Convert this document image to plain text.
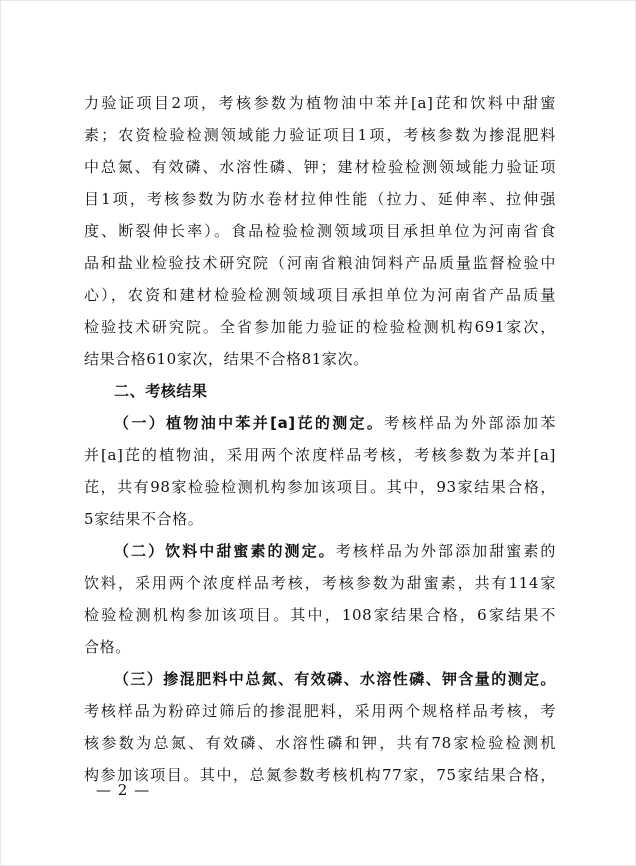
力验证项目2项，考核参数为植物油中苯并[a]芘和饮料中甜蜜
素；农资检验检测领域能力验证项目1项，考核参数为掺混肥料
中总氮、有效磷、水溶性磷、钾；建材检验检测领域能力验证项
目1项，考核参数为防水卷材拉伸性能（拉力、延伸率、拉伸强
度、断裂伸长率）。食品检验检测领域项目承担单位为河南省食
品和盐业检验技术研究院（河南省粮油饲料产品质量监督检验中
心），农资和建材检验检测领域项目承担单位为河南省产品质量
检验技术研究院。全省参加能力验证的检验检测机构691家次，
结果合格610家次，结果不合格81家次。
二、考核结果
（一）植物油中苯并[a]芘的测定。考核样品为外部添加苯
并[a]芘的植物油，采用两个浓度样品考核，考核参数为苯并[a]
芘，共有98家检验检测机构参加该项目。其中，93家结果合格，
5家结果不合格。
（二）饮料中甜蜜素的测定。考核样品为外部添加甜蜜素的
饮料，采用两个浓度样品考核，考核参数为甜蜜素，共有114家
检验检测机构参加该项目。其中，108家结果合格，6家结果不
合格。
（三）掺混肥料中总氮、有效磷、水溶性磷、钾含量的测定。
考核样品为粉碎过筛后的掺混肥料，采用两个规格样品考核，考
核参数为总氮、有效磷、水溶性磷和钾，共有78家检验检测机
构参加该项目。其中，总氮参数考核机构77家，75家结果合格，
— 2 —
